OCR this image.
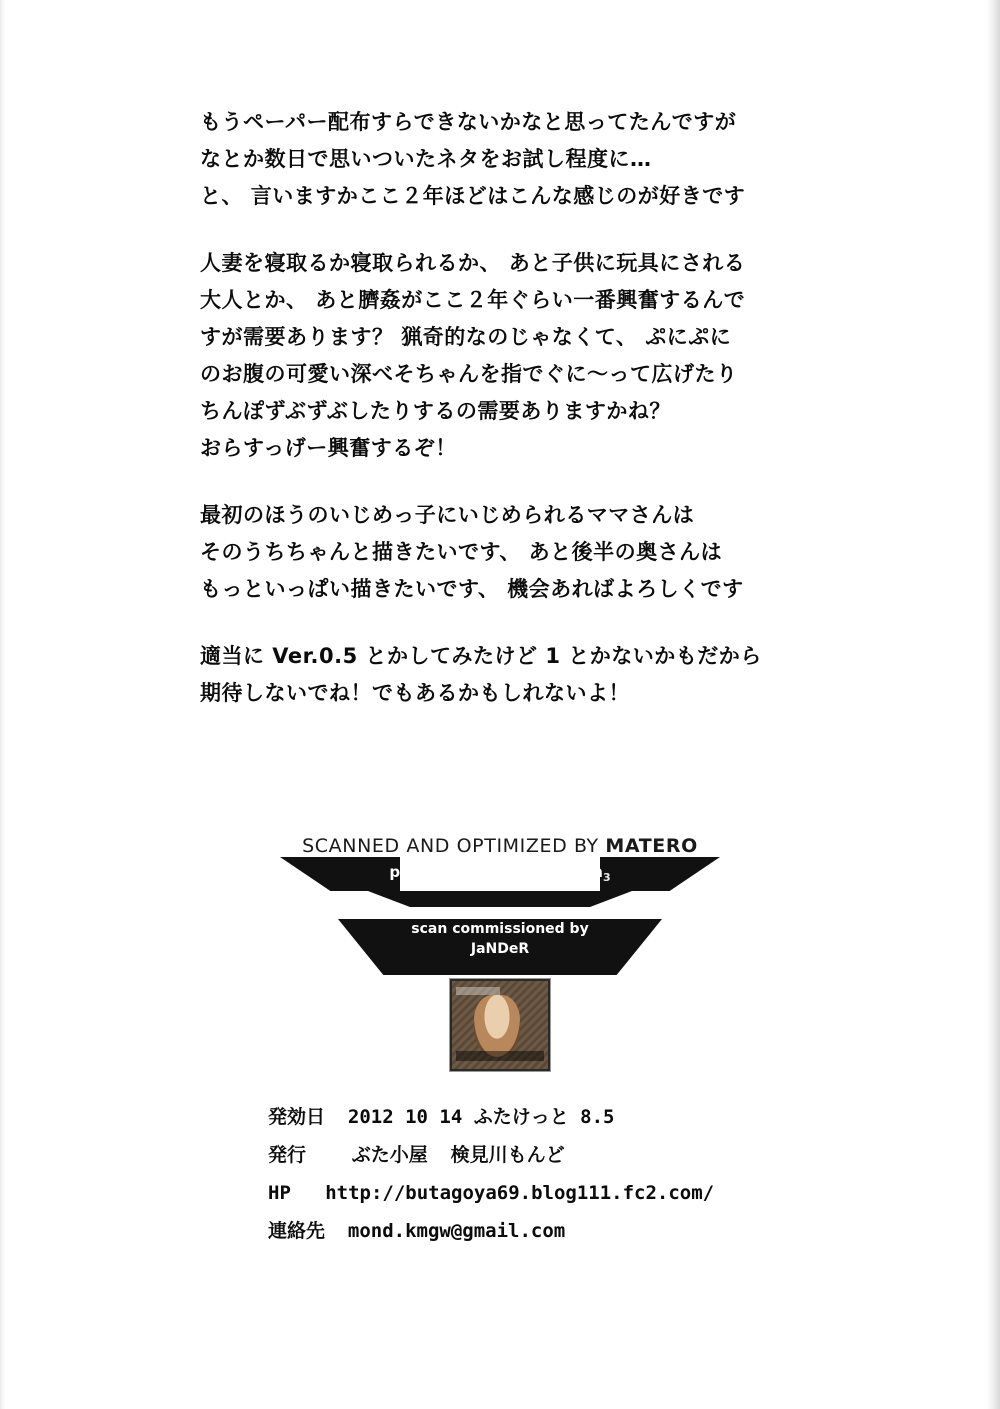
もうペーパー配布すらできないかなと思ってたんですが
なとか数日で思いついたネタをお試し程度に…
と、 言いますかここ２年ほどはこんな感じのが好きです
人妻を寝取るか寝取られるか、 あと子供に玩具にされる
大人とか、 あと臍姦がここ２年ぐらい一番興奮するんで
すが需要あります？ 猟奇的なのじゃなくて、 ぷにぷに
のお腹の可愛い深べそちゃんを指でぐに～って広げたり
ちんぽずぶずぶしたりするの需要ありますかね？
おらすっげー興奮するぞ！
最初のほうのいじめっ子にいじめられるママさんは
そのうちちゃんと描きたいです、 あと後半の奥さんは
もっといっぱい描きたいです、 機会あればよろしくです
適当に Ver.0.5 とかしてみたけど 1 とかないかもだから
期待しないでね！でもあるかもしれないよ！
SCANNED AND OPTIMIZED BY MATERO
powered by Scan-System$_3$
scan commissioned by
JaNDeR
発効日  2012 10 14 ふたけっと 8.5
発行    ぶた小屋  検見川もんど
HP   http://butagoya69.blog111.fc2.com/
連絡先  mond.kmgw@gmail.com
